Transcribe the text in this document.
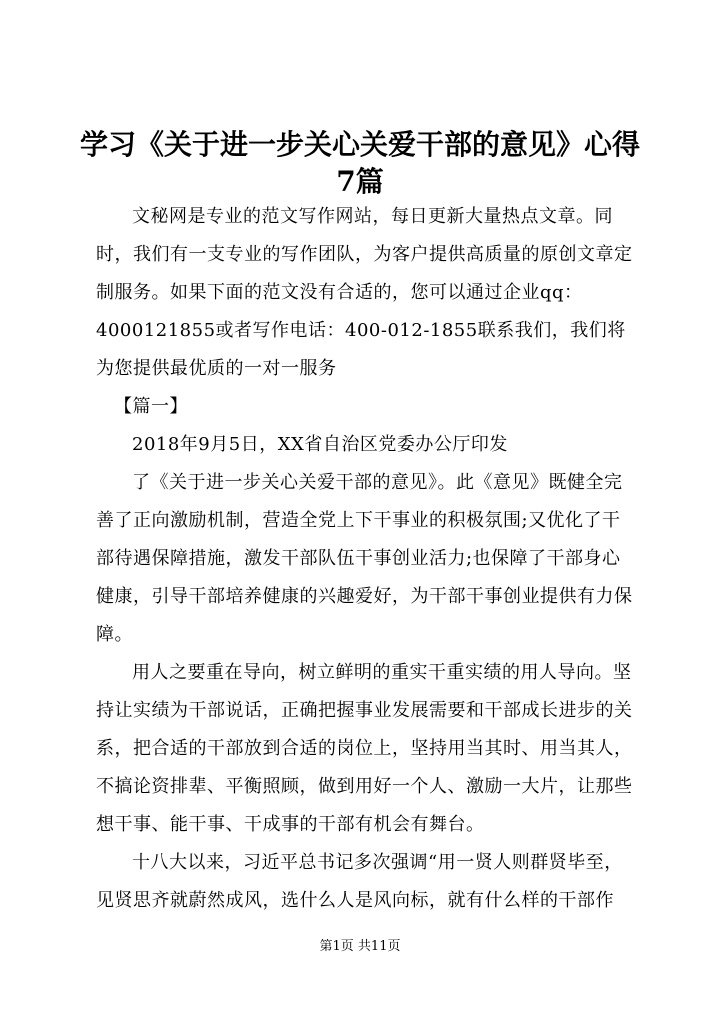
学习《关于进一步关心关爱干部的意见》心得
7篇

文秘网是专业的范文写作网站，每日更新大量热点文章。同时，我们有一支专业的写作团队，为客户提供高质量的原创文章定制服务。如果下面的范文没有合适的，您可以通过企业qq：4000121855或者写作电话：400-012-1855联系我们，我们将为您提供最优质的一对一服务

【篇一】

2018年9月5日，XX省自治区党委办公厅印发

了《关于进一步关心关爱干部的意见》。此《意见》既健全完善了正向激励机制，营造全党上下干事业的积极氛围;又优化了干部待遇保障措施，激发干部队伍干事创业活力;也保障了干部身心健康，引导干部培养健康的兴趣爱好，为干部干事创业提供有力保障。

用人之要重在导向，树立鲜明的重实干重实绩的用人导向。坚持让实绩为干部说话，正确把握事业发展需要和干部成长进步的关系，把合适的干部放到合适的岗位上，坚持用当其时、用当其人，不搞论资排辈、平衡照顾，做到用好一个人、激励一大片，让那些想干事、能干事、干成事的干部有机会有舞台。

十八大以来，习近平总书记多次强调“用一贤人则群贤毕至，见贤思齐就蔚然成风，选什么人是风向标，就有什么样的干部作

第1页 共11页
